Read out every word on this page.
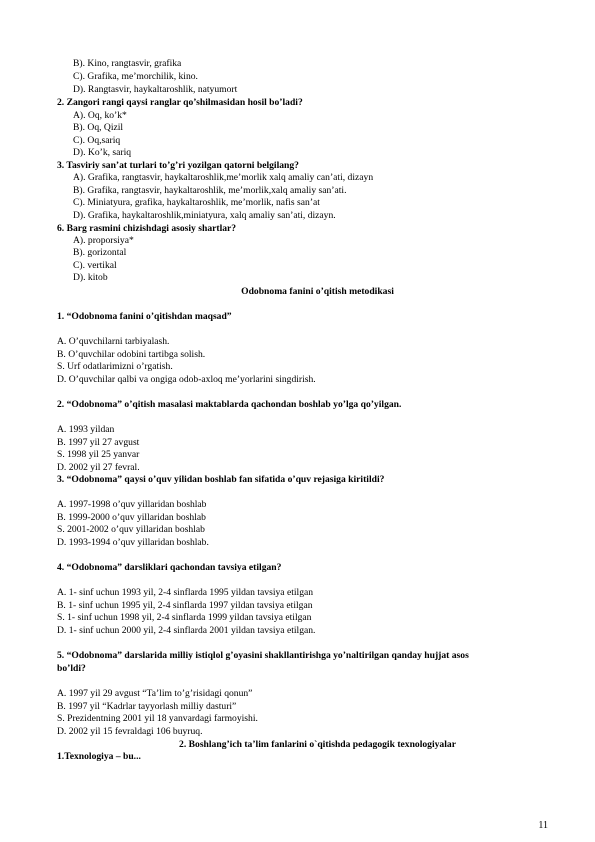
B). Kino, rangtasvir, grafika
C). Grafika, me’morchilik, kino.
D). Rangtasvir, haykaltaroshlik, natyumort
2. Zangori rangi qaysi ranglar qo’shilmasidan hosil bo’ladi?
A). Oq, ko’k*
B). Oq, Qizil
C). Oq,sariq
D). Ko’k, sariq
3. Tasviriy san’at turlari to’g’ri yozilgan qatorni belgilang?
A). Grafika, rangtasvir, haykaltaroshlik,me’morlik xalq amaliy can’ati, dizayn
B). Grafika, rangtasvir, haykaltaroshlik, me’morlik,xalq amaliy san’ati.
C). Miniatyura, grafika, haykaltaroshlik, me’morlik, nafis san’at
D). Grafika, haykaltaroshlik,miniatyura, xalq amaliy san’ati, dizayn.
6. Barg rasmini chizishdagi asosiy shartlar?
A). proporsiya*
B). gorizontal
C). vertikal
D). kitob
Odobnoma fanini o’qitish metodikasi
1. “Odobnoma fanini o’qitishdan maqsad”
A. O’quvchilarni tarbiyalash.
B. O’quvchilar odobini tartibga solish.
S. Urf odatlarimizni o’rgatish.
D. O’quvchilar qalbi va ongiga odob-axloq me’yorlarini singdirish.
2. “Odobnoma” o’qitish masalasi maktablarda qachondan boshlab yo’lga qo’yilgan.
A. 1993 yildan
B. 1997 yil 27 avgust
S. 1998 yil 25 yanvar
D. 2002 yil 27 fevral.
3. “Odobnoma” qaysi o’quv yilidan boshlab fan sifatida o’quv rejasiga kiritildi?
A. 1997-1998 o’quv yillaridan boshlab
B. 1999-2000 o’quv yillaridan boshlab
S. 2001-2002 o’quv yillaridan boshlab
D. 1993-1994 o’quv yillaridan boshlab.
4. “Odobnoma” darsliklari qachondan tavsiya etilgan?
A. 1- sinf uchun 1993 yil, 2-4 sinflarda 1995 yildan tavsiya etilgan
B. 1- sinf uchun 1995 yil, 2-4 sinflarda 1997 yildan tavsiya etilgan
S. 1- sinf uchun 1998 yil, 2-4 sinflarda 1999 yildan tavsiya etilgan
D. 1- sinf uchun 2000 yil, 2-4 sinflarda 2001 yildan tavsiya etilgan.
5. “Odobnoma” darslarida milliy istiqlol g’oyasini shakllantirishga yo’naltirilgan qanday hujjat asos
bo’ldi?
A. 1997 yil 29 avgust “Ta’lim to’g’risidagi qonun”
B. 1997 yil “Kadrlar tayyorlash milliy dasturi”
S. Prezidentning 2001 yil 18 yanvardagi farmoyishi.
D. 2002 yil 15 fevraldagi 106 buyruq.
2. Boshlang’ich ta’lim fanlarini o`qitishda pedagogik texnologiyalar
1.Texnologiya – bu...
11
